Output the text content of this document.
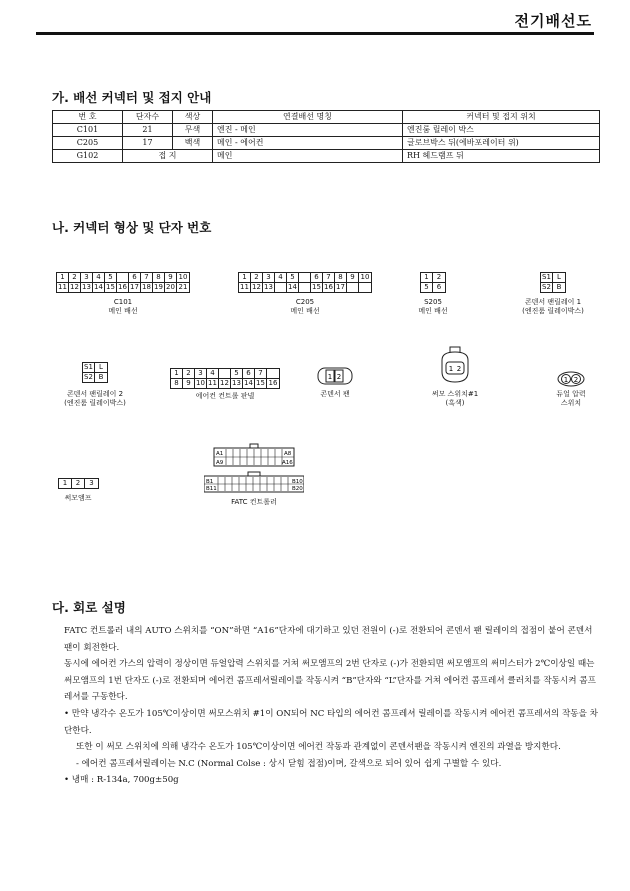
전기배선도
가. 배선 커넥터 및 접지 안내
번 호	단자수	색상	연결배선 명칭	커넥터 및 접지 위치
C101	21	무색	엔진 - 메인	엔진룸 릴레이 박스
C205	17	백색	메인 - 에어컨	글로브박스 뒤(에바포레이터 위)
G102	접 지		메인	RH 헤드램프 뒤
나. 커넥터 형상 및 단자 번호
1	2	3	4	5	6	7	8	9 10
11 12 13 14 15 16 17 18 19 20 21
C101
메인 배선
1	2	3	4	5	6	7	8	9 10
11 12 13 14 15 16 17
C205
메인 배선
1	2
5	6
S205
메인 배선
S1 L
S2 B
콘덴서 팬릴레이 1
(엔진룸 릴레이박스)
S1 L
S2 B
콘덴서 팬릴레이 2
(엔진룸 릴레이박스)
1	2	3	4	5	6	7
8	9 10 11 12 13 14 15 16
에어컨 컨트롤 판넬
1 2
콘덴서 팬
1 2
써모 스위치#1
(흑색)
1 2
듀얼 압력
스위치
1	2	3
써모앰프
A1	A8
A9	A16
B1	B10
B11	B20
FATC 컨트롤러
다. 회로 설명

FATC 컨트롤러 내의 AUTO 스위치를 “ON”하면 “A16”단자에 대기하고 있던 전원이 (-)로 전환되어 콘덴서 팬 릴레이의 접점이 붙어 콘덴서 팬이 회전한다.

동시에 에어컨 가스의 압력이 정상이면 듀얼압력 스위치를 거쳐 써모앰프의 2번 단자로 (-)가 전환되면 써모앰프의 써미스터가 2℃이상일 때는 써모앰프의 1번 단자도 (-)로 전환되며 에어컨 콤프레셔릴레이를 작동시켜 “B”단자와 “L”단자를 거쳐 에어컨 콤프레셔 클러치를 작동시켜 콤프레셔를 구동한다.

• 만약 냉각수 온도가 105℃이상이면 써모스위치 #1이 ON되어 NC 타입의 에어컨 콤프레셔 릴레이를 작동시켜 에어컨 콤프레셔의 작동을 차단한다.

또한 이 써모 스위치에 의해 냉각수 온도가 105℃이상이면 에어컨 작동과 관계없이 콘덴서팬을 작동시켜 엔진의 과열을 방지한다.

- 에어컨 콤프레셔릴레이는 N.C (Normal Colse : 상시 닫힘 접점)이며, 갈색으로 되어 있어 쉽게 구별할 수 있다.

• 냉매 : R-134a, 700g±50g
